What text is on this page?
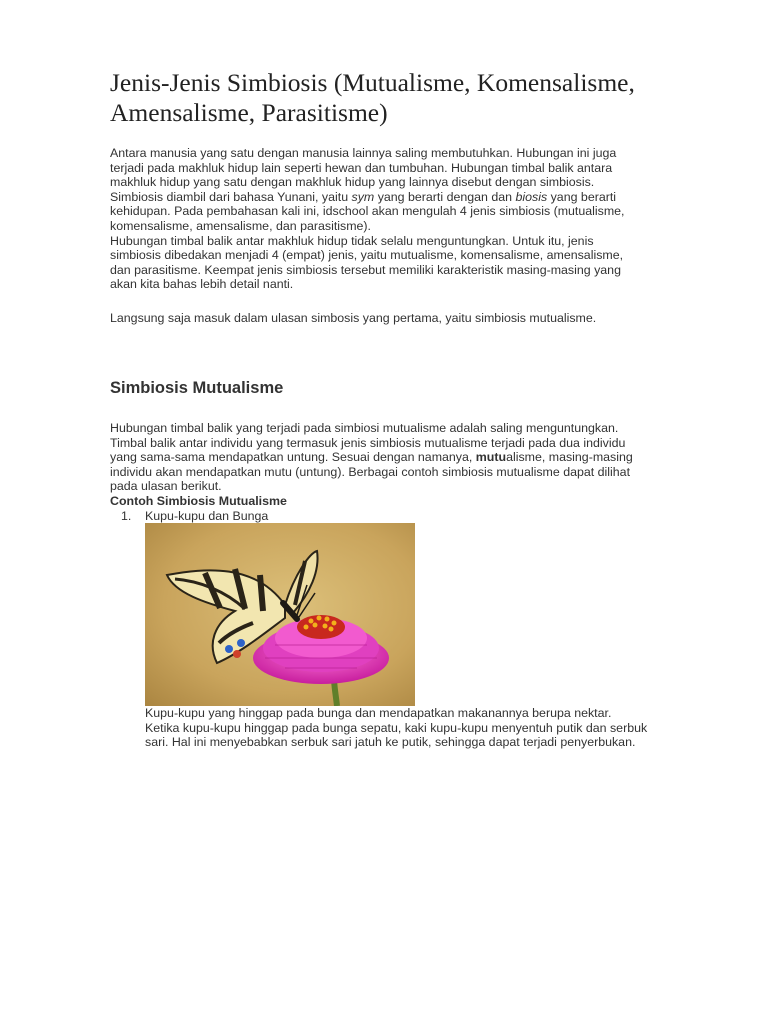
Jenis-Jenis Simbiosis (Mutualisme, Komensalisme,
Amensalisme, Parasitisme)
Antara manusia yang satu dengan manusia lainnya saling membutuhkan. Hubungan ini juga
terjadi pada makhluk hidup lain seperti hewan dan tumbuhan. Hubungan timbal balik antara
makhluk hidup yang satu dengan makhluk hidup yang lainnya disebut dengan simbiosis.
Simbiosis diambil dari bahasa Yunani, yaitu sym yang berarti dengan dan biosis yang berarti
kehidupan. Pada pembahasan kali ini, idschool akan mengulah 4 jenis simbiosis (mutualisme,
komensalisme, amensalisme, dan parasitisme).
Hubungan timbal balik antar makhluk hidup tidak selalu menguntungkan. Untuk itu, jenis
simbiosis dibedakan menjadi 4 (empat) jenis, yaitu mutualisme, komensalisme, amensalisme,
dan parasitisme. Keempat jenis simbiosis tersebut memiliki karakteristik masing-masing yang
akan kita bahas lebih detail nanti.

Langsung saja masuk dalam ulasan simbosis yang pertama, yaitu simbiosis mutualisme.

Simbiosis Mutualisme
Hubungan timbal balik yang terjadi pada simbiosi mutualisme adalah saling menguntungkan.
Timbal balik antar individu yang termasuk jenis simbiosis mutualisme terjadi pada dua individu
yang sama-sama mendapatkan untung. Sesuai dengan namanya, mutualisme, masing-masing
individu akan mendapatkan mutu (untung). Berbagai contoh simbiosis mutualisme dapat dilihat
pada ulasan berikut.

Contoh Simbiosis Mutualisme

1. Kupu-kupu dan Bunga
Kupu-kupu yang hinggap pada bunga dan mendapatkan makanannya berupa nektar.
Ketika kupu-kupu hinggap pada bunga sepatu, kaki kupu-kupu menyentuh putik dan serbuk
sari. Hal ini menyebabkan serbuk sari jatuh ke putik, sehingga dapat terjadi penyerbukan.
